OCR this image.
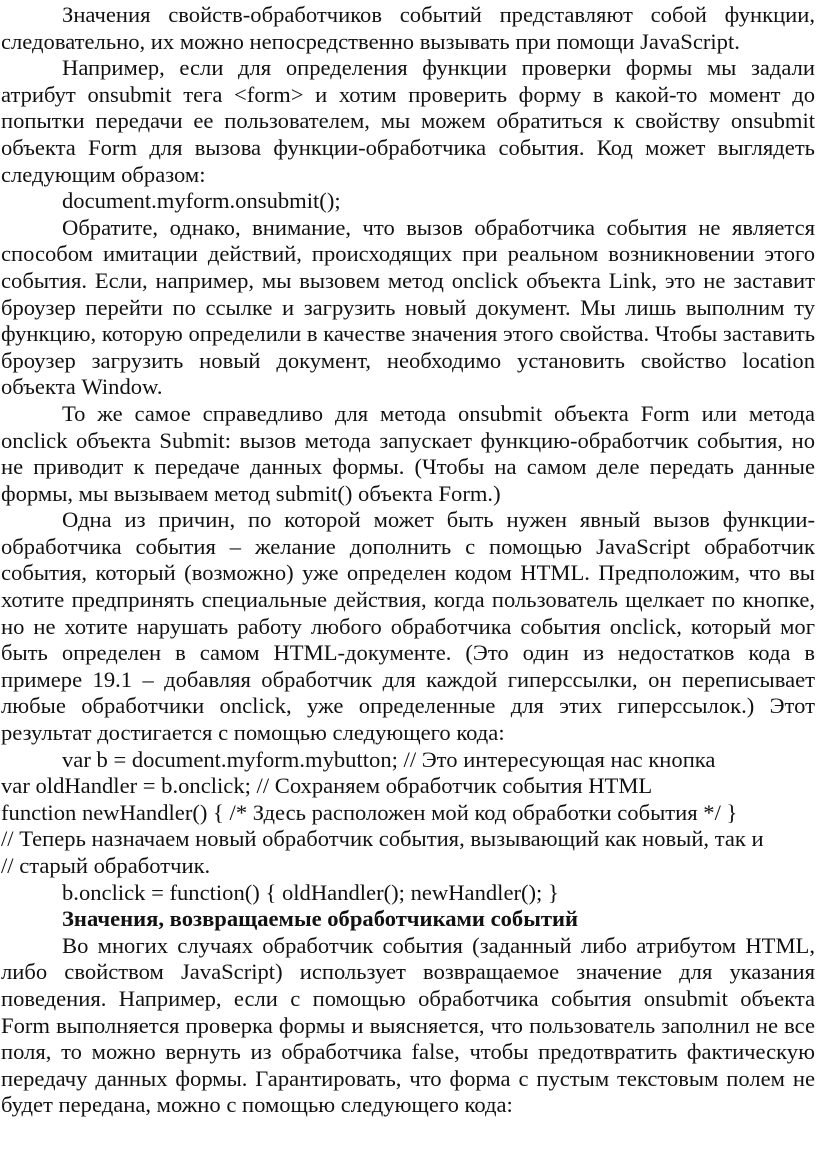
Значения свойств-обработчиков событий представляют собой функции, следовательно, их можно непосредственно вызывать при помощи JavaScript.

Например, если для определения функции проверки формы мы задали атрибут onsubmit тега <form> и хотим проверить форму в какой-то момент до попытки передачи ее пользователем, мы можем обратиться к свойству onsubmit объекта Form для вызова функции-обработчика события. Код может выглядеть следующим образом:

document.myform.onsubmit();

Обратите, однако, внимание, что вызов обработчика события не является способом имитации действий, происходящих при реальном возникновении этого события. Если, например, мы вызовем метод onclick объекта Link, это не заставит броузер перейти по ссылке и загрузить новый документ. Мы лишь выполним ту функцию, которую определили в качестве значения этого свойства. Чтобы заставить броузер загрузить новый документ, необходимо установить свойство location объекта Window.

То же самое справедливо для метода onsubmit объекта Form или метода onclick объекта Submit: вызов метода запускает функцию-обработчик события, но не приводит к передаче данных формы. (Чтобы на самом деле передать данные формы, мы вызываем метод submit() объекта Form.)

Одна из причин, по которой может быть нужен явный вызов функции-обработчика события – желание дополнить с помощью JavaScript обработчик события, который (возможно) уже определен кодом HTML. Предположим, что вы хотите предпринять специальные действия, когда пользователь щелкает по кнопке, но не хотите нарушать работу любого обработчика события onclick, который мог быть определен в самом HTML-документе. (Это один из недостатков кода в примере 19.1 – добавляя обработчик для каждой гиперссылки, он переписывает любые обработчики onclick, уже определенные для этих гиперссылок.) Этот результат достигается с помощью следующего кода:

var b = document.myform.mybutton; // Это интересующая нас кнопка

var oldHandler = b.onclick; // Сохраняем обработчик события HTML

function newHandler() { /* Здесь расположен мой код обработки события */ }

// Теперь назначаем новый обработчик события, вызывающий как новый, так и

// старый обработчик.

b.onclick = function() { oldHandler(); newHandler(); }

Значения, возвращаемые обработчиками событий

Во многих случаях обработчик события (заданный либо атрибутом HTML, либо свойством JavaScript) использует возвращаемое значение для указания поведения. Например, если с помощью обработчика события onsubmit объекта Form выполняется проверка формы и выясняется, что пользователь заполнил не все поля, то можно вернуть из обработчика false, чтобы предотвратить фактическую передачу данных формы. Гарантировать, что форма с пустым текстовым полем не будет передана, можно с помощью следующего кода:
